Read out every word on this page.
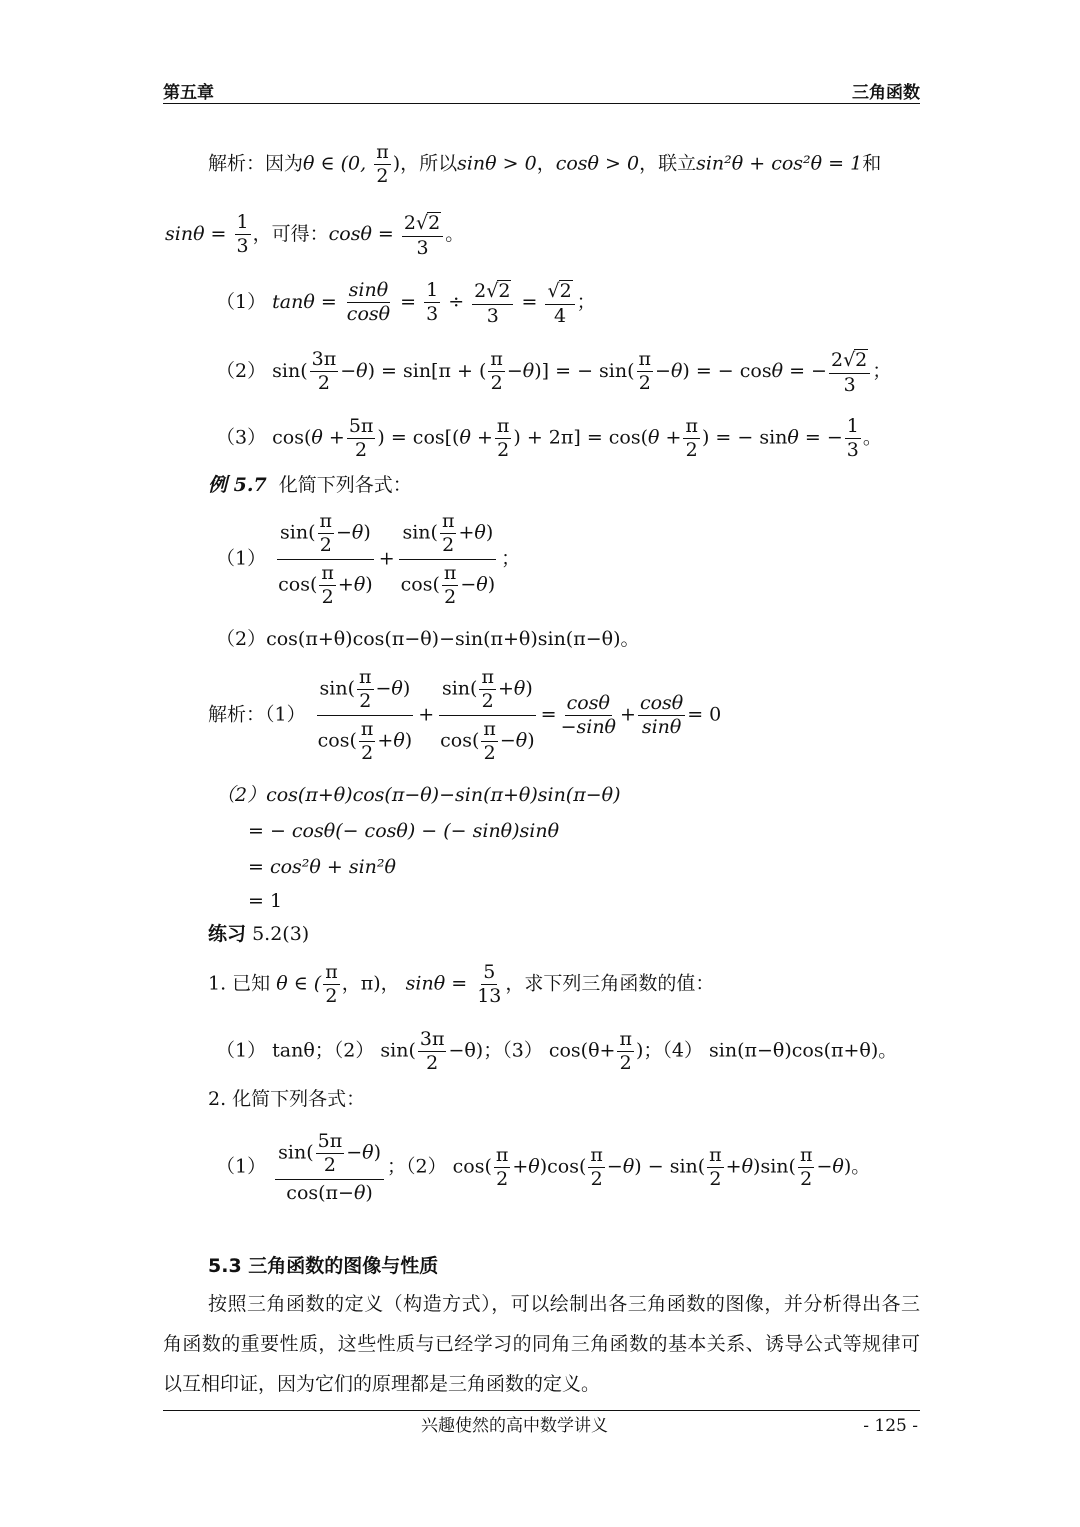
第五章	三角函数
解析：因为θ ∈ (0, $\frac{\pi}{2}$ )，所以sinθ > 0，cosθ > 0，联立sin²θ + cos²θ = 1和
$\sin\theta = \frac{1}{3}$ ，可得：$\cos\theta = \frac{2√2}{3}$ 。
（1） $\tan\theta = \frac{\sin\theta}{\cos\theta} = \frac{1}{3} \div \frac{2√2}{3} = \frac{√2}{4}$ ；
（2） $\sin( \frac{3\pi}{2} -\theta) = \sin[\pi$ + ( $\frac{\pi}{2} -\theta$)] = − $\sin( \frac{\pi}{2} -\theta)$ = − cosθ = − $\frac{2√2}{3}$ ；
（3） $\cos(\theta + \frac{5\pi}{2}$ ) = $\cos[(\theta + \frac{\pi}{2}$ ) + $2\pi] = \cos(\theta + \frac{\pi}{2}$ ) = − sinθ = − $\frac{1}{3}$ 。
例 5.7 化简下列各式：
$(1) \frac{\sin( \frac{\pi}{2} -\theta)}{\cos( \frac{\pi}{2} +\theta)} + \frac{\sin( \frac{\pi}{2} +\theta)}{\cos( \frac{\pi}{2} -\theta)}$ ；
（2）cos(π+θ)cos(π−θ)−sin(π+θ)sin(π−θ)。
解析：$(1) \frac{\sin( \frac{\pi}{2} -\theta)}{\cos( \frac{\pi}{2} +\theta)} + \frac{\sin( \frac{\pi}{2} +\theta)}{\cos( \frac{\pi}{2} -\theta)} = \frac{\cos\theta}{-\sin\theta} + \frac{\cos\theta}{\sin\theta} = 0$
（2）cos(π+θ)cos(π−θ)−sin(π+θ)sin(π−θ)
= − cosθ(− cosθ) − (− sinθ)sinθ
= cos²θ + sin²θ
= 1
练习 5.2(3)
1. 已知 θ ∈ ( $\frac{\pi}{2}$ ，π)， $\sin\theta = \frac{5}{13}$ ，求下列三角函数的值：
（1） tanθ；（2） $\sin( \frac{3\pi}{2} -\theta)$；（3） $\cos(\theta+ \frac{\pi}{2}$ )；（4） sin(π−θ)cos(π+θ)。
2. 化简下列各式：
$(1) \frac{\sin( \frac{5\pi}{2} -\theta)}{\cos(\pi-\theta)}$ ；（2） $\cos( \frac{\pi}{2} +\theta)\cos( \frac{\pi}{2} -\theta) - \sin( \frac{\pi}{2} +\theta)\sin( \frac{\pi}{2} -\theta)$。
5.3 三角函数的图像与性质
按照三角函数的定义（构造方式），可以绘制出各三角函数的图像，并分析得出各三角函数的重要性质，这些性质与已经学习的同角三角函数的基本关系、诱导公式等规律可以互相印证，因为它们的原理都是三角函数的定义。
兴趣使然的高中数学讲义	- 125 -
